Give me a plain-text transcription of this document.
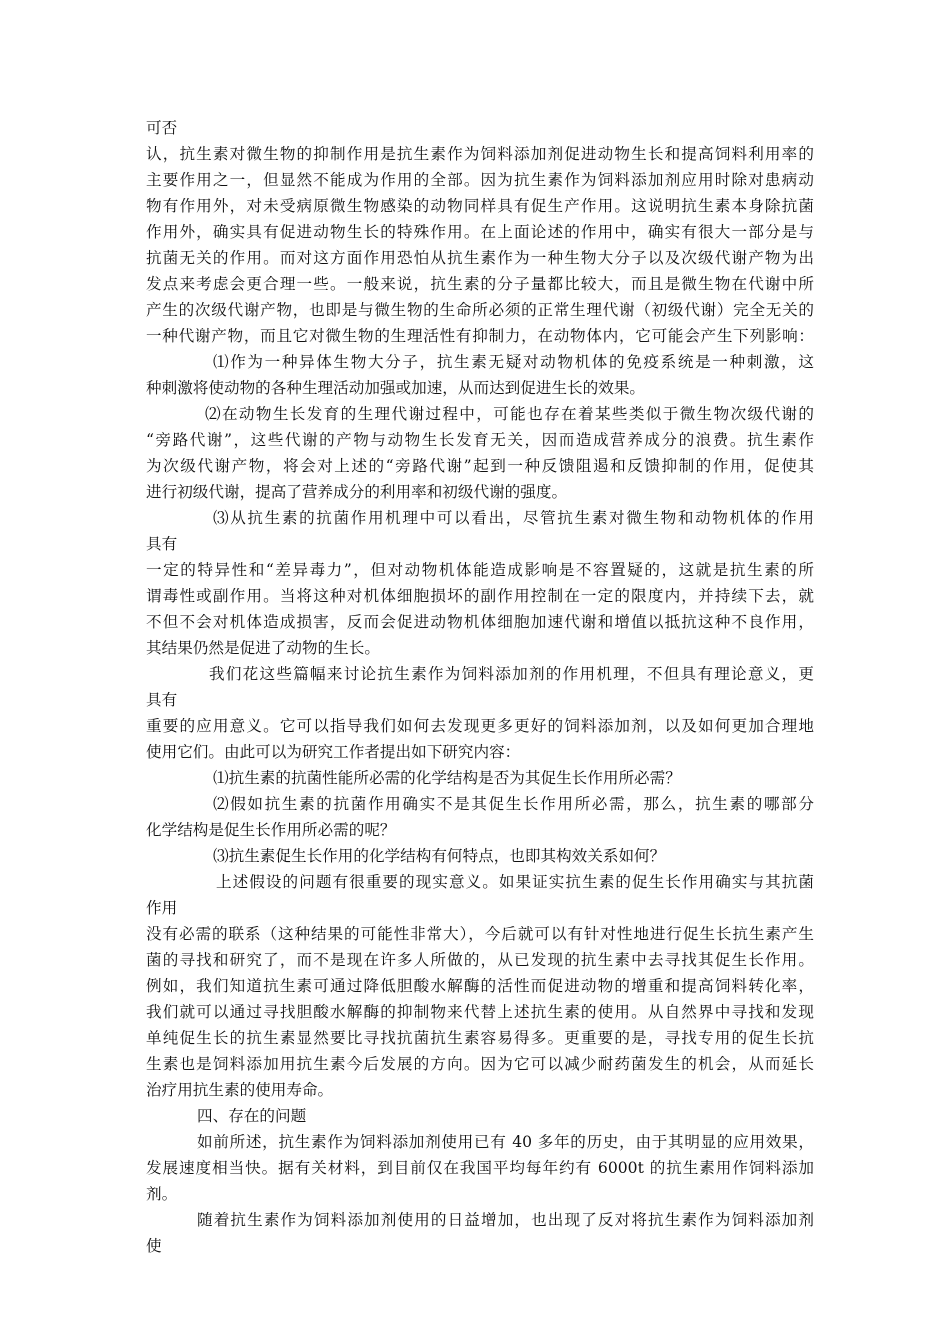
可否

认，抗生素对微生物的抑制作用是抗生素作为饲料添加剂促进动物生长和提高饲料利用率的

主要作用之一，但显然不能成为作用的全部。因为抗生素作为饲料添加剂应用时除对患病动

物有作用外，对未受病原微生物感染的动物同样具有促生产作用。这说明抗生素本身除抗菌

作用外，确实具有促进动物生长的特殊作用。在上面论述的作用中，确实有很大一部分是与

抗菌无关的作用。而对这方面作用恐怕从抗生素作为一种生物大分子以及次级代谢产物为出

发点来考虑会更合理一些。一般来说，抗生素的分子量都比较大，而且是微生物在代谢中所

产生的次级代谢产物，也即是与微生物的生命所必须的正常生理代谢（初级代谢）完全无关的

一种代谢产物，而且它对微生物的生理活性有抑制力，在动物体内，它可能会产生下列影响：

⑴作为一种异体生物大分子，抗生素无疑对动物机体的免疫系统是一种刺激，这

种刺激将使动物的各种生理活动加强或加速，从而达到促进生长的效果。

⑵在动物生长发育的生理代谢过程中，可能也存在着某些类似于微生物次级代谢的

“旁路代谢”，这些代谢的产物与动物生长发育无关，因而造成营养成分的浪费。抗生素作

为次级代谢产物，将会对上述的“旁路代谢”起到一种反馈阻遏和反馈抑制的作用，促使其

进行初级代谢，提高了营养成分的利用率和初级代谢的强度。

⑶从抗生素的抗菌作用机理中可以看出，尽管抗生素对微生物和动物机体的作用

具有

一定的特异性和“差异毒力”，但对动物机体能造成影响是不容置疑的，这就是抗生素的所

谓毒性或副作用。当将这种对机体细胞损坏的副作用控制在一定的限度内，并持续下去，就

不但不会对机体造成损害，反而会促进动物机体细胞加速代谢和增值以抵抗这种不良作用，

其结果仍然是促进了动物的生长。

我们花这些篇幅来讨论抗生素作为饲料添加剂的作用机理，不但具有理论意义，更

具有

重要的应用意义。它可以指导我们如何去发现更多更好的饲料添加剂，以及如何更加合理地

使用它们。由此可以为研究工作者提出如下研究内容：

⑴抗生素的抗菌性能所必需的化学结构是否为其促生长作用所必需？

⑵假如抗生素的抗菌作用确实不是其促生长作用所必需，那么，抗生素的哪部分

化学结构是促生长作用所必需的呢？

⑶抗生素促生长作用的化学结构有何特点，也即其构效关系如何？

上述假设的问题有很重要的现实意义。如果证实抗生素的促生长作用确实与其抗菌

作用

没有必需的联系（这种结果的可能性非常大），今后就可以有针对性地进行促生长抗生素产生

菌的寻找和研究了，而不是现在许多人所做的，从已发现的抗生素中去寻找其促生长作用。

例如，我们知道抗生素可通过降低胆酸水解酶的活性而促进动物的增重和提高饲料转化率，

我们就可以通过寻找胆酸水解酶的抑制物来代替上述抗生素的使用。从自然界中寻找和发现

单纯促生长的抗生素显然要比寻找抗菌抗生素容易得多。更重要的是，寻找专用的促生长抗

生素也是饲料添加用抗生素今后发展的方向。因为它可以减少耐药菌发生的机会，从而延长

治疗用抗生素的使用寿命。

四、存在的问题

如前所述，抗生素作为饲料添加剂使用已有 40 多年的历史，由于其明显的应用效果，

发展速度相当快。据有关材料，到目前仅在我国平均每年约有 6000t 的抗生素用作饲料添加

剂。

随着抗生素作为饲料添加剂使用的日益增加，也出现了反对将抗生素作为饲料添加剂

使
